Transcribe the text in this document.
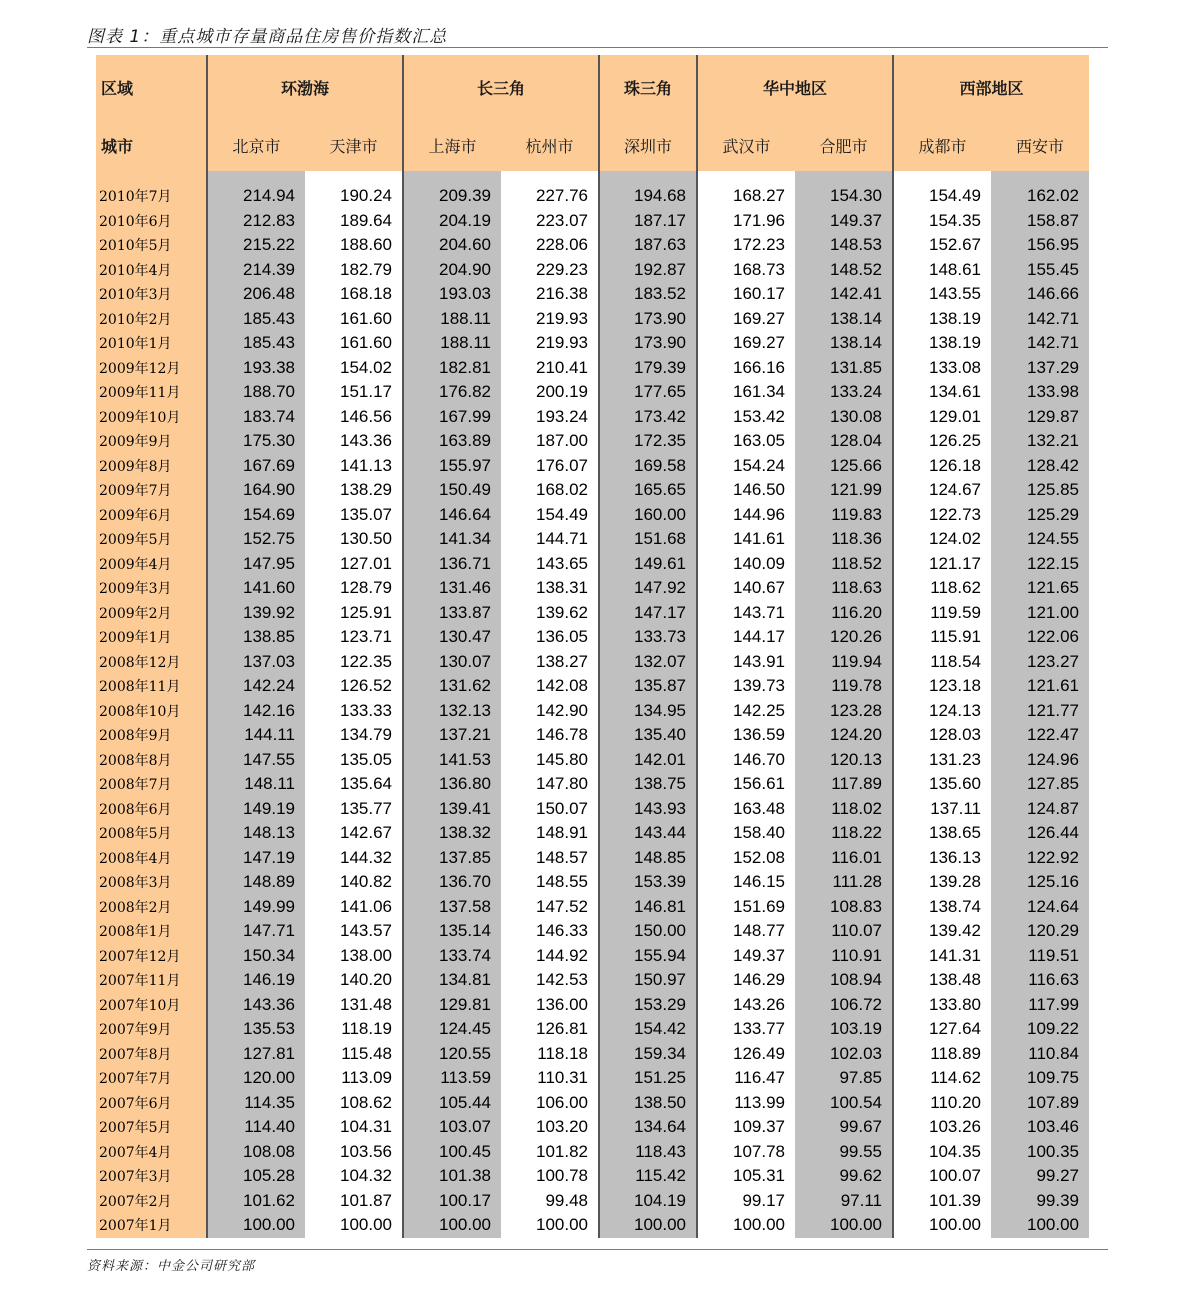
图表 1：重点城市存量商品住房售价指数汇总
区域	环渤海		长三角		珠三角	华中地区		西部地区	
城市	北京市	天津市	上海市	杭州市	深圳市	武汉市	合肥市	成都市	西安市

2010年7月	214.94	190.24	209.39	227.76	194.68	168.27	154.30	154.49	162.02
2010年6月	212.83	189.64	204.19	223.07	187.17	171.96	149.37	154.35	158.87
2010年5月	215.22	188.60	204.60	228.06	187.63	172.23	148.53	152.67	156.95
2010年4月	214.39	182.79	204.90	229.23	192.87	168.73	148.52	148.61	155.45
2010年3月	206.48	168.18	193.03	216.38	183.52	160.17	142.41	143.55	146.66
2010年2月	185.43	161.60	188.11	219.93	173.90	169.27	138.14	138.19	142.71
2010年1月	185.43	161.60	188.11	219.93	173.90	169.27	138.14	138.19	142.71
2009年12月	193.38	154.02	182.81	210.41	179.39	166.16	131.85	133.08	137.29
2009年11月	188.70	151.17	176.82	200.19	177.65	161.34	133.24	134.61	133.98
2009年10月	183.74	146.56	167.99	193.24	173.42	153.42	130.08	129.01	129.87
2009年9月	175.30	143.36	163.89	187.00	172.35	163.05	128.04	126.25	132.21
2009年8月	167.69	141.13	155.97	176.07	169.58	154.24	125.66	126.18	128.42
2009年7月	164.90	138.29	150.49	168.02	165.65	146.50	121.99	124.67	125.85
2009年6月	154.69	135.07	146.64	154.49	160.00	144.96	119.83	122.73	125.29
2009年5月	152.75	130.50	141.34	144.71	151.68	141.61	118.36	124.02	124.55
2009年4月	147.95	127.01	136.71	143.65	149.61	140.09	118.52	121.17	122.15
2009年3月	141.60	128.79	131.46	138.31	147.92	140.67	118.63	118.62	121.65
2009年2月	139.92	125.91	133.87	139.62	147.17	143.71	116.20	119.59	121.00
2009年1月	138.85	123.71	130.47	136.05	133.73	144.17	120.26	115.91	122.06
2008年12月	137.03	122.35	130.07	138.27	132.07	143.91	119.94	118.54	123.27
2008年11月	142.24	126.52	131.62	142.08	135.87	139.73	119.78	123.18	121.61
2008年10月	142.16	133.33	132.13	142.90	134.95	142.25	123.28	124.13	121.77
2008年9月	144.11	134.79	137.21	146.78	135.40	136.59	124.20	128.03	122.47
2008年8月	147.55	135.05	141.53	145.80	142.01	146.70	120.13	131.23	124.96
2008年7月	148.11	135.64	136.80	147.80	138.75	156.61	117.89	135.60	127.85
2008年6月	149.19	135.77	139.41	150.07	143.93	163.48	118.02	137.11	124.87
2008年5月	148.13	142.67	138.32	148.91	143.44	158.40	118.22	138.65	126.44
2008年4月	147.19	144.32	137.85	148.57	148.85	152.08	116.01	136.13	122.92
2008年3月	148.89	140.82	136.70	148.55	153.39	146.15	111.28	139.28	125.16
2008年2月	149.99	141.06	137.58	147.52	146.81	151.69	108.83	138.74	124.64
2008年1月	147.71	143.57	135.14	146.33	150.00	148.77	110.07	139.42	120.29
2007年12月	150.34	138.00	133.74	144.92	155.94	149.37	110.91	141.31	119.51
2007年11月	146.19	140.20	134.81	142.53	150.97	146.29	108.94	138.48	116.63
2007年10月	143.36	131.48	129.81	136.00	153.29	143.26	106.72	133.80	117.99
2007年9月	135.53	118.19	124.45	126.81	154.42	133.77	103.19	127.64	109.22
2007年8月	127.81	115.48	120.55	118.18	159.34	126.49	102.03	118.89	110.84
2007年7月	120.00	113.09	113.59	110.31	151.25	116.47	97.85	114.62	109.75
2007年6月	114.35	108.62	105.44	106.00	138.50	113.99	100.54	110.20	107.89
2007年5月	114.40	104.31	103.07	103.20	134.64	109.37	99.67	103.26	103.46
2007年4月	108.08	103.56	100.45	101.82	118.43	107.78	99.55	104.35	100.35
2007年3月	105.28	104.32	101.38	100.78	115.42	105.31	99.62	100.07	99.27
2007年2月	101.62	101.87	100.17	99.48	104.19	99.17	97.11	101.39	99.39
2007年1月	100.00	100.00	100.00	100.00	100.00	100.00	100.00	100.00	100.00
资料来源：中金公司研究部
